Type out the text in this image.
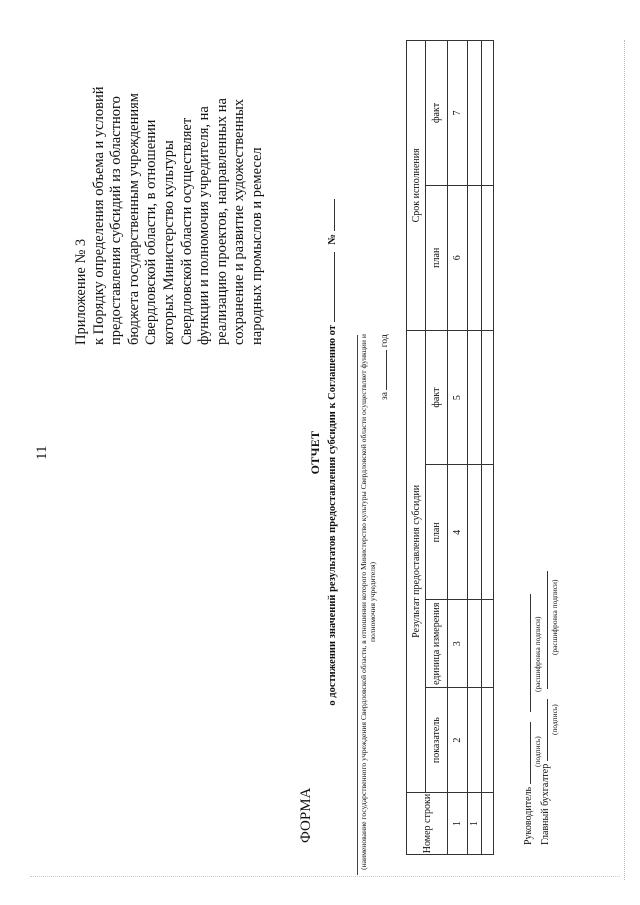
11
Приложение № 3 к Порядку определения объема и условий предоставления субсидий из областного бюджета государственным учреждениям Свердловской области, в отношении которых Министерство культуры Свердловской области осуществляет функции и полномочия учредителя, на реализацию проектов, направленных на сохранение и развитие художественных народных промыслов и ремесел
ФОРМА
ОТЧЕТ о достижении значений результатов предоставления субсидии к Соглашению от    №
(наименование государственного учреждения Свердловской области, в отношении которого Министерство культуры Свердловской области осуществляет функции и полномочия учредителя)
за  год
Номер строки	Результат предоставления субсидии				Срок исполнения	
	показатель	единица измерения	план	факт	план	факт
1	2	3	4	5	6	7
1						
							Руководитель
(подпись)
(расшифровка подписи)
Главный бухгалтер
(подпись)
(расшифровка подписи)
